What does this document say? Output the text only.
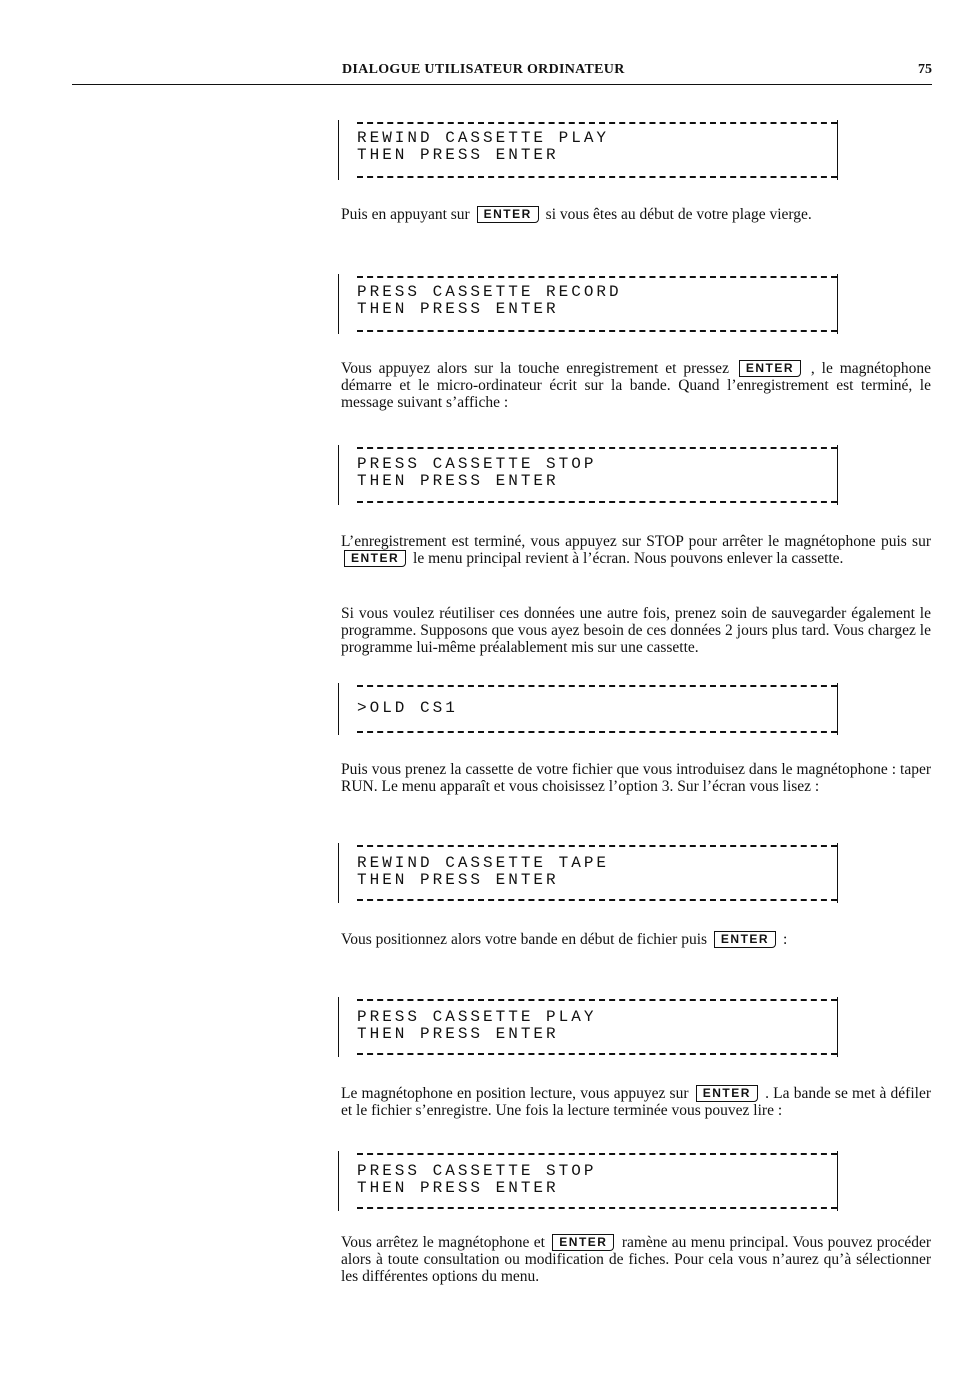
DIALOGUE UTILISATEUR ORDINATEUR	75
REWIND CASSETTE PLAY
THEN PRESS ENTER

Puis en appuyant sur ENTER si vous êtes au début de votre plage vierge.

PRESS CASSETTE RECORD
THEN PRESS ENTER

Vous appuyez alors sur la touche enregistrement et pressez ENTER , le magnétophone démarre et le micro-ordinateur écrit sur la bande. Quand l’enregistrement est terminé, le message suivant s’affiche :

PRESS CASSETTE STOP
THEN PRESS ENTER

L’enregistrement est terminé, vous appuyez sur STOP pour arrêter le magnétophone puis sur ENTER le menu principal revient à l’écran. Nous pouvons enlever la cassette.

Si vous voulez réutiliser ces données une autre fois, prenez soin de sauvegarder également le programme. Supposons que vous ayez besoin de ces données 2 jours plus tard. Vous chargez le programme lui-même préalablement mis sur une cassette.

>OLD CS1

Puis vous prenez la cassette de votre fichier que vous introduisez dans le magnétophone : taper RUN. Le menu apparaît et vous choisissez l’option 3. Sur l’écran vous lisez :

REWIND CASSETTE TAPE
THEN PRESS ENTER

Vous positionnez alors votre bande en début de fichier puis ENTER :

PRESS CASSETTE PLAY
THEN PRESS ENTER

Le magnétophone en position lecture, vous appuyez sur ENTER . La bande se met à défiler et le fichier s’enregistre. Une fois la lecture terminée vous pouvez lire :

PRESS CASSETTE STOP
THEN PRESS ENTER

Vous arrêtez le magnétophone et ENTER ramène au menu principal. Vous pouvez procéder alors à toute consultation ou modification de fiches. Pour cela vous n’aurez qu’à sélectionner les différentes options du menu.
